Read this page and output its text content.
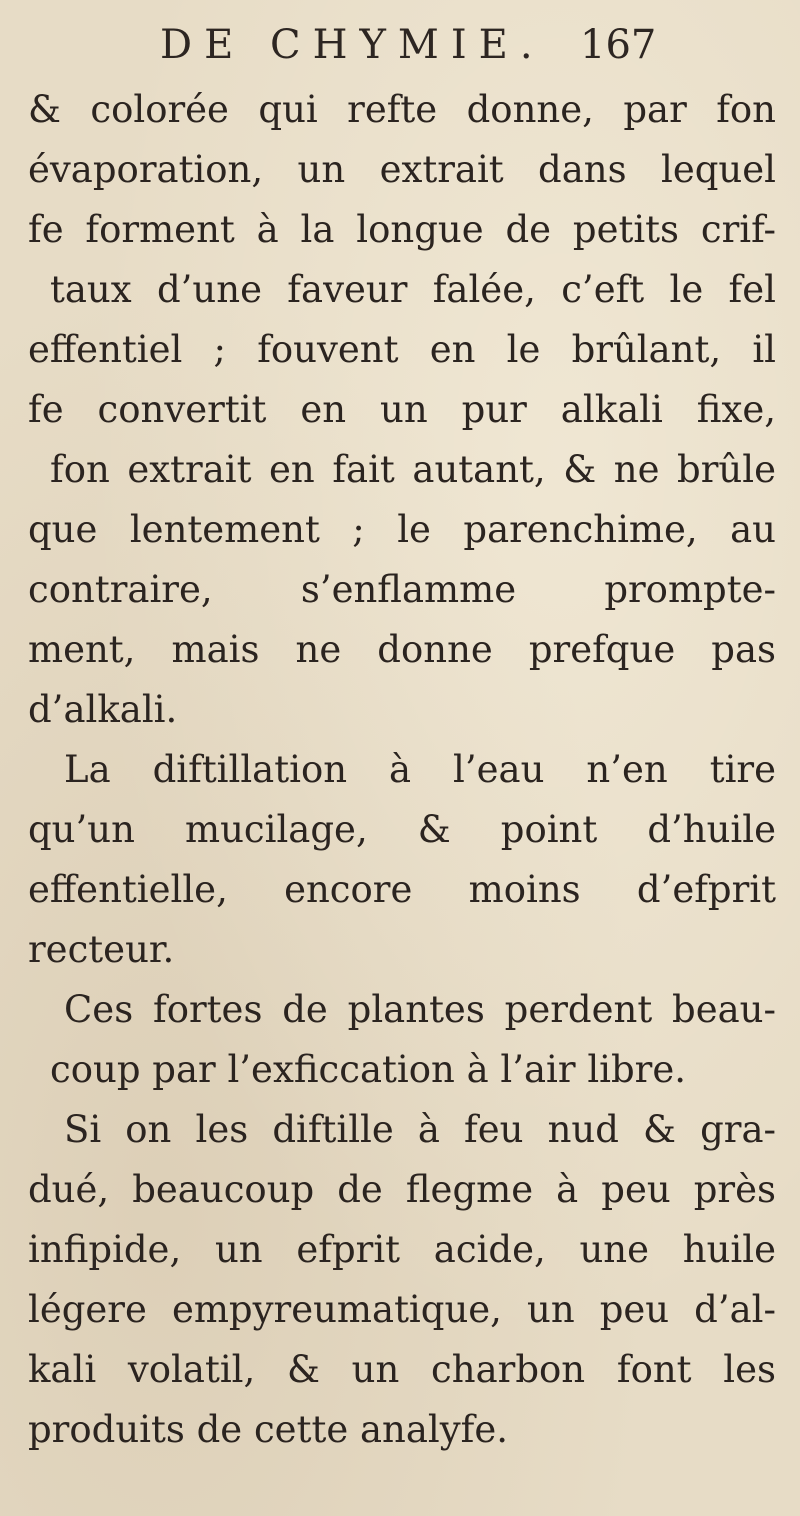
DE CHYMIE. 167
& colorée qui refte donne, par fon
évaporation, un extrait dans lequel
fe forment à la longue de petits crif-
taux d’une faveur falée, c’eft le fel
effentiel ; fouvent en le brûlant, il
fe convertit en un pur alkali fixe,
fon extrait en fait autant, & ne brûle
que lentement ; le parenchime, au
contraire, s’enflamme prompte-
ment, mais ne donne prefque pas
d’alkali.
La diftillation à l’eau n’en tire
qu’un mucilage, & point d’huile
effentielle, encore moins d’efprit
recteur.
Ces fortes de plantes perdent beau-
coup par l’exficcation à l’air libre.
Si on les diftille à feu nud & gra-
dué, beaucoup de flegme à peu près
infipide, un efprit acide, une huile
légere empyreumatique, un peu d’al-
kali volatil, & un charbon font les
produits de cette analyfe.
